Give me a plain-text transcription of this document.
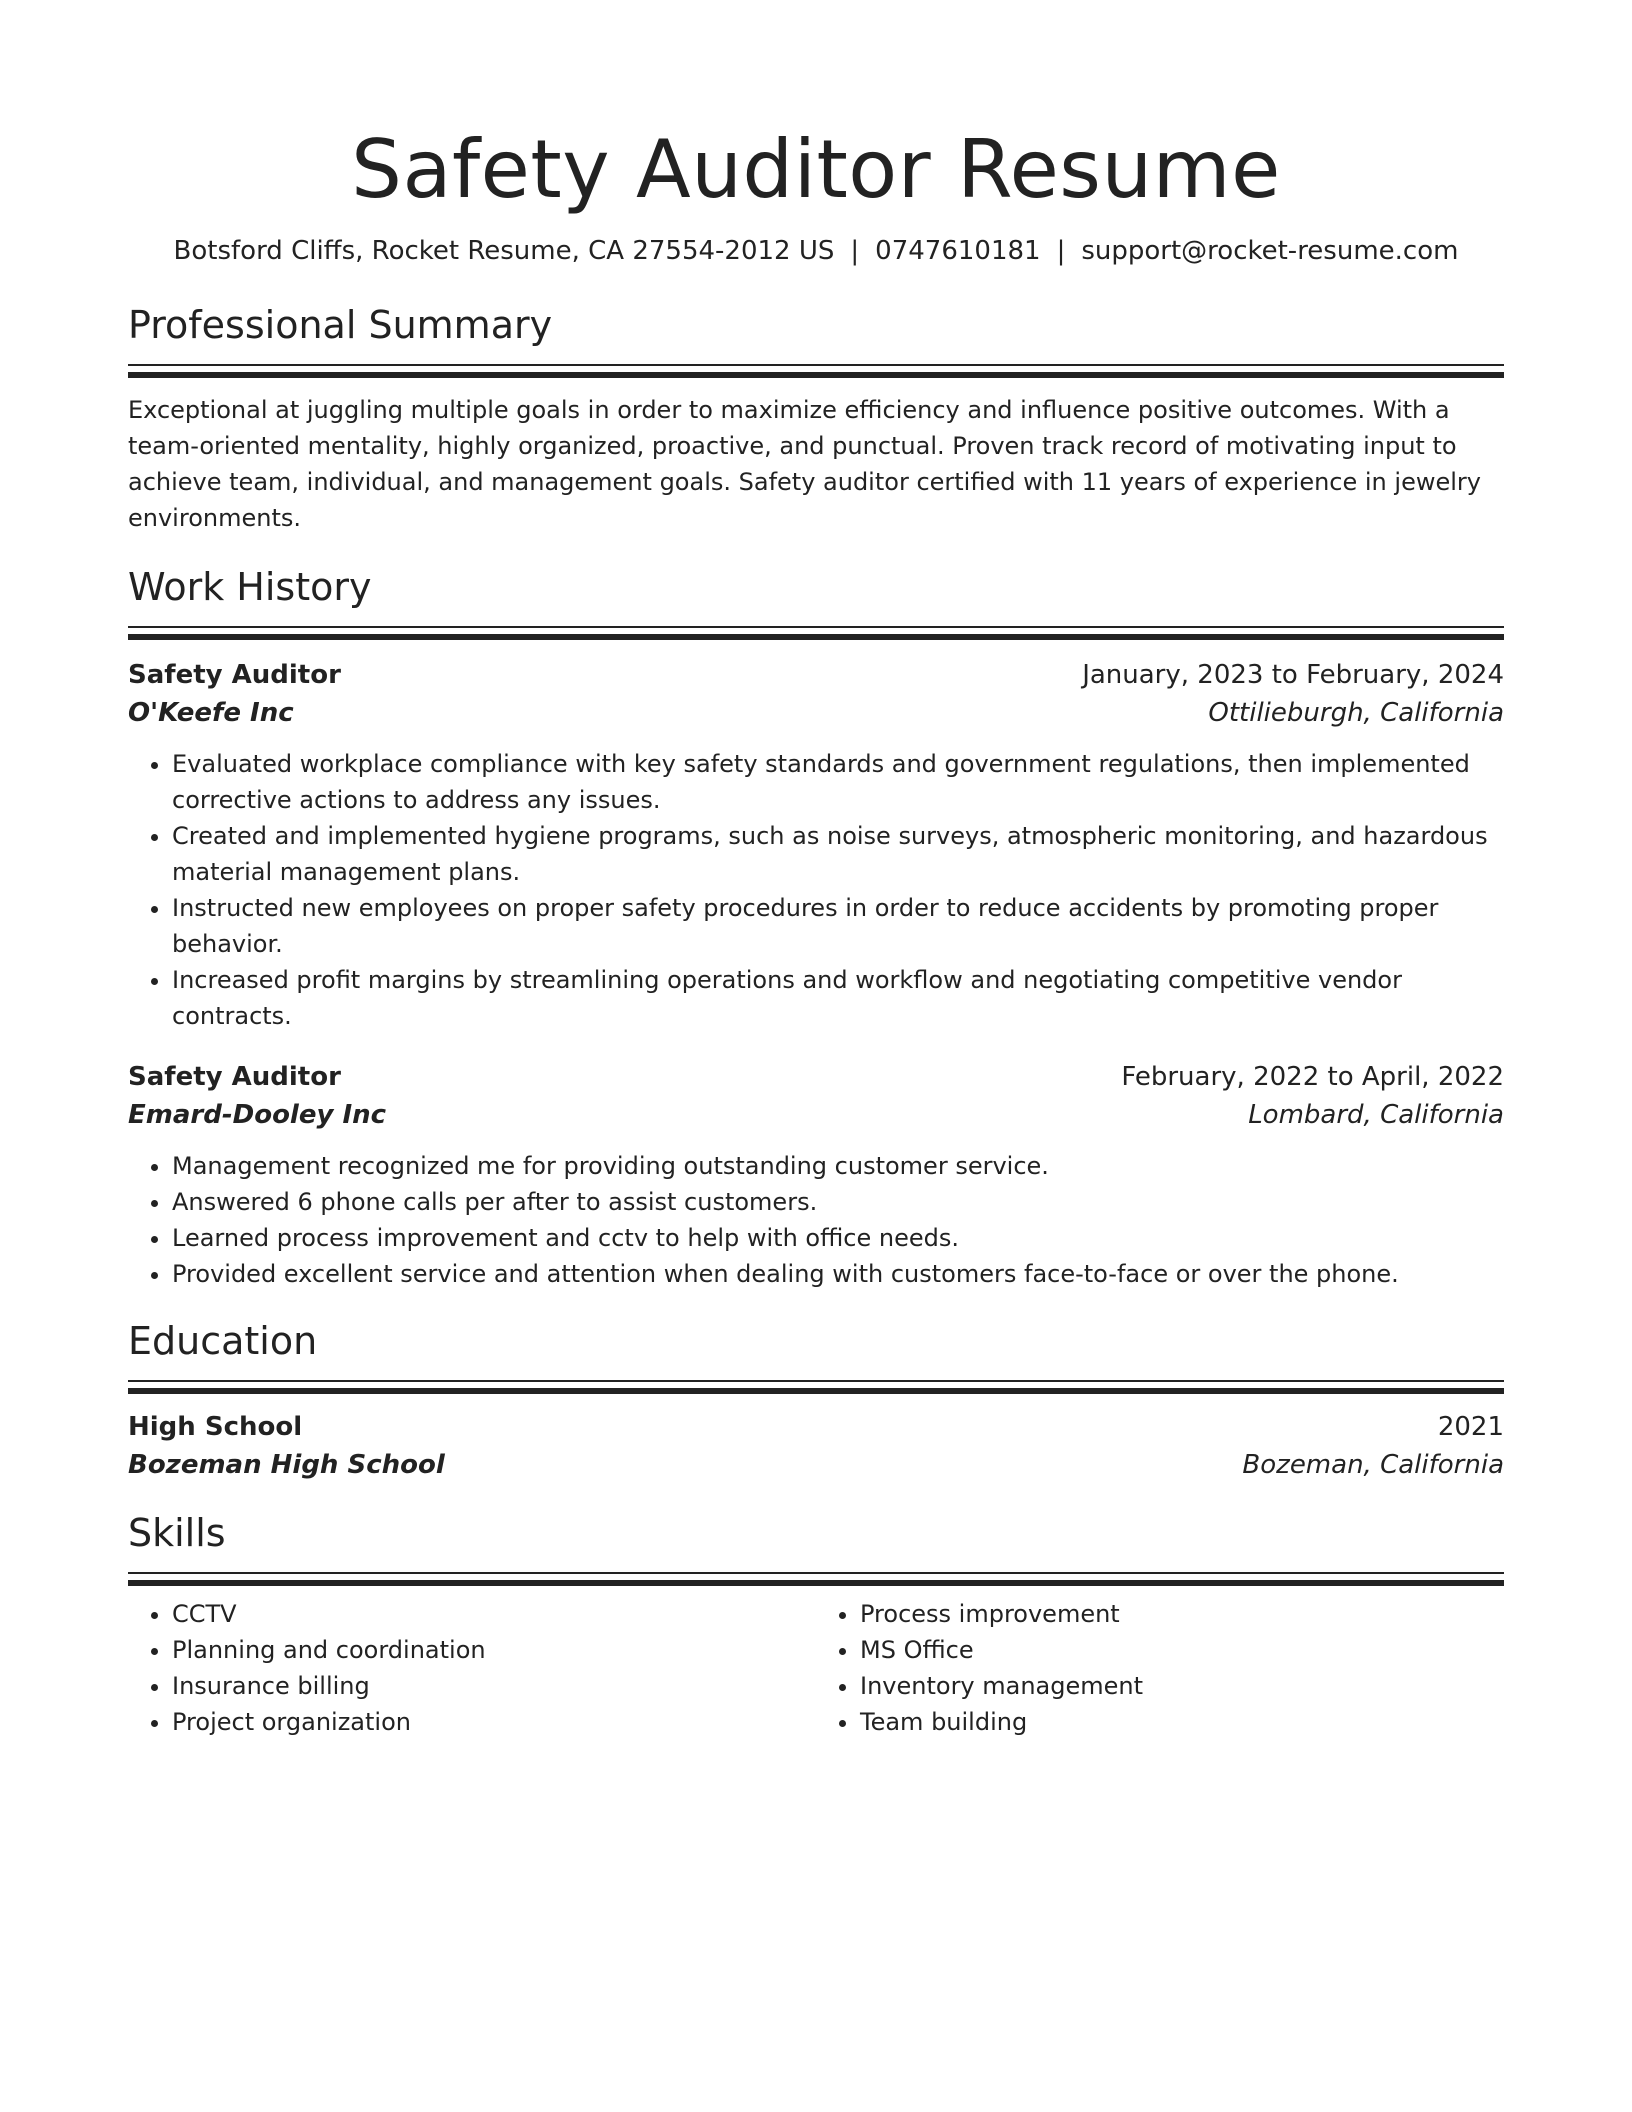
Safety Auditor Resume
Botsford Cliffs, Rocket Resume, CA 27554-2012 US | 0747610181 | support@rocket-resume.com
Professional Summary
Exceptional at juggling multiple goals in order to maximize efficiency and influence positive outcomes. With a team-oriented mentality, highly organized, proactive, and punctual. Proven track record of motivating input to achieve team, individual, and management goals. Safety auditor certified with 11 years of experience in jewelry environments.
Work History
Safety Auditor	January, 2023 to February, 2024
O'Keefe Inc	Ottilieburgh, California
• Evaluated workplace compliance with key safety standards and government regulations, then implemented corrective actions to address any issues.
• Created and implemented hygiene programs, such as noise surveys, atmospheric monitoring, and hazardous material management plans.
• Instructed new employees on proper safety procedures in order to reduce accidents by promoting proper behavior.
• Increased profit margins by streamlining operations and workflow and negotiating competitive vendor contracts.
Safety Auditor	February, 2022 to April, 2022
Emard-Dooley Inc	Lombard, California
• Management recognized me for providing outstanding customer service.
• Answered 6 phone calls per after to assist customers.
• Learned process improvement and cctv to help with office needs.
• Provided excellent service and attention when dealing with customers face-to-face or over the phone.
Education
High School	2021
Bozeman High School	Bozeman, California
Skills
• CCTV
• Planning and coordination
• Insurance billing
• Project organization
• Process improvement
• MS Office
• Inventory management
• Team building
